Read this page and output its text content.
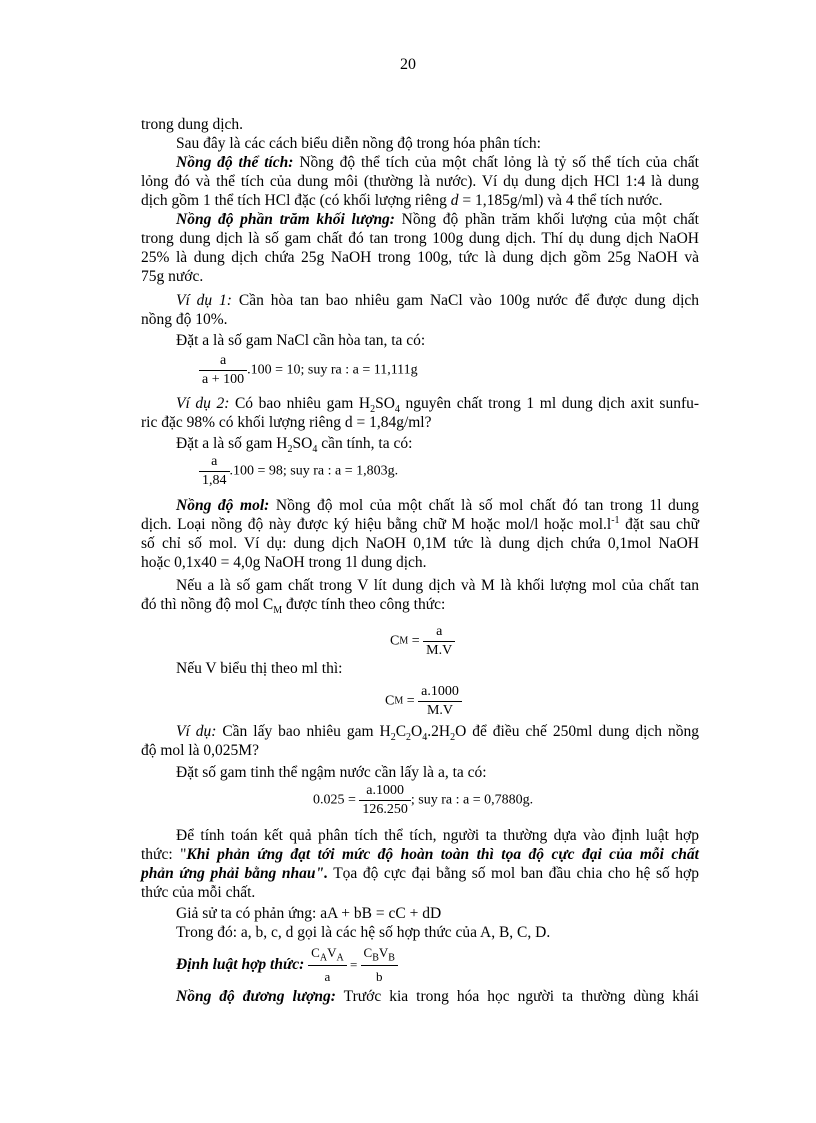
20
trong dung dịch.
Sau đây là các cách biểu diễn nồng độ trong hóa phân tích:
Nồng độ thể tích: Nồng độ thể tích của một chất lỏng là tỷ số thể tích của chất
lỏng đó và thể tích của dung môi (thường là nước). Ví dụ dung dịch HCl 1:4 là dung
dịch gồm 1 thể tích HCl đặc (có khối lượng riêng d = 1,185g/ml) và 4 thể tích nước.
Nồng độ phần trăm khối lượng: Nồng độ phần trăm khối lượng của một chất
trong dung dịch là số gam chất đó tan trong 100g dung dịch. Thí dụ dung dịch NaOH
25% là dung dịch chứa 25g NaOH trong 100g, tức là dung dịch gồm 25g NaOH và
75g nước.
Ví dụ 1: Cần hòa tan bao nhiêu gam NaCl vào 100g nước để được dung dịch
nồng độ 10%.
Đặt a là số gam NaCl cần hòa tan, ta có:
$\frac{a}{a + 100} .100 = 10$; suy ra : a = 11,111g
Ví dụ 2: Có bao nhiêu gam $H_2SO_4$ nguyên chất trong 1 ml dung dịch axit sunfu-
ric đặc 98% có khối lượng riêng d = 1,84g/ml?
Đặt a là số gam $H_2SO_4$ cần tính, ta có:
$\frac{a}{1,84} .100 = 98$; suy ra : a = 1,803g.
Nồng độ mol: Nồng độ mol của một chất là số mol chất đó tan trong 1l dung
dịch. Loại nồng độ này được ký hiệu bằng chữ M hoặc mol/l hoặc $mol.l^{-1}$ đặt sau chữ
số chỉ số mol. Ví dụ: dung dịch NaOH 0,1M tức là dung dịch chứa 0,1mol NaOH
hoặc 0,1x40 = 4,0g NaOH trong 1l dung dịch.
Nếu a là số gam chất trong V lít dung dịch và M là khối lượng mol của chất tan
đó thì nồng độ mol $C_M$ được tính theo công thức:
CM = $\frac{a}{M.V}$
Nếu V biểu thị theo ml thì:
CM = $\frac{a.1000}{M.V}$
Ví dụ: Cần lấy bao nhiêu gam $H_2C_2O_4.2H_2O$ để điều chế 250ml dung dịch nồng
độ mol là 0,025M?
Đặt số gam tinh thể ngậm nước cần lấy là a, ta có:
$0.025 = \frac{a.1000}{126.250}$ ; suy ra : a = 0,7880g.
Để tính toán kết quả phân tích thể tích, người ta thường dựa vào định luật hợp
thức: "Khi phản ứng đạt tới mức độ hoàn toàn thì tọa độ cực đại của mỗi chất
phản ứng phải bằng nhau". Tọa độ cực đại bằng số mol ban đầu chia cho hệ số hợp
thức của mỗi chất.
Giả sử ta có phản ứng: aA + bB = cC + dD
Trong đó: a, b, c, d gọi là các hệ số hợp thức của A, B, C, D.
Định luật hợp thức: $\frac{C_AV_A}{a} = \frac{C_BV_B}{b}$
Nồng độ đương lượng: Trước kia trong hóa học người ta thường dùng khái
